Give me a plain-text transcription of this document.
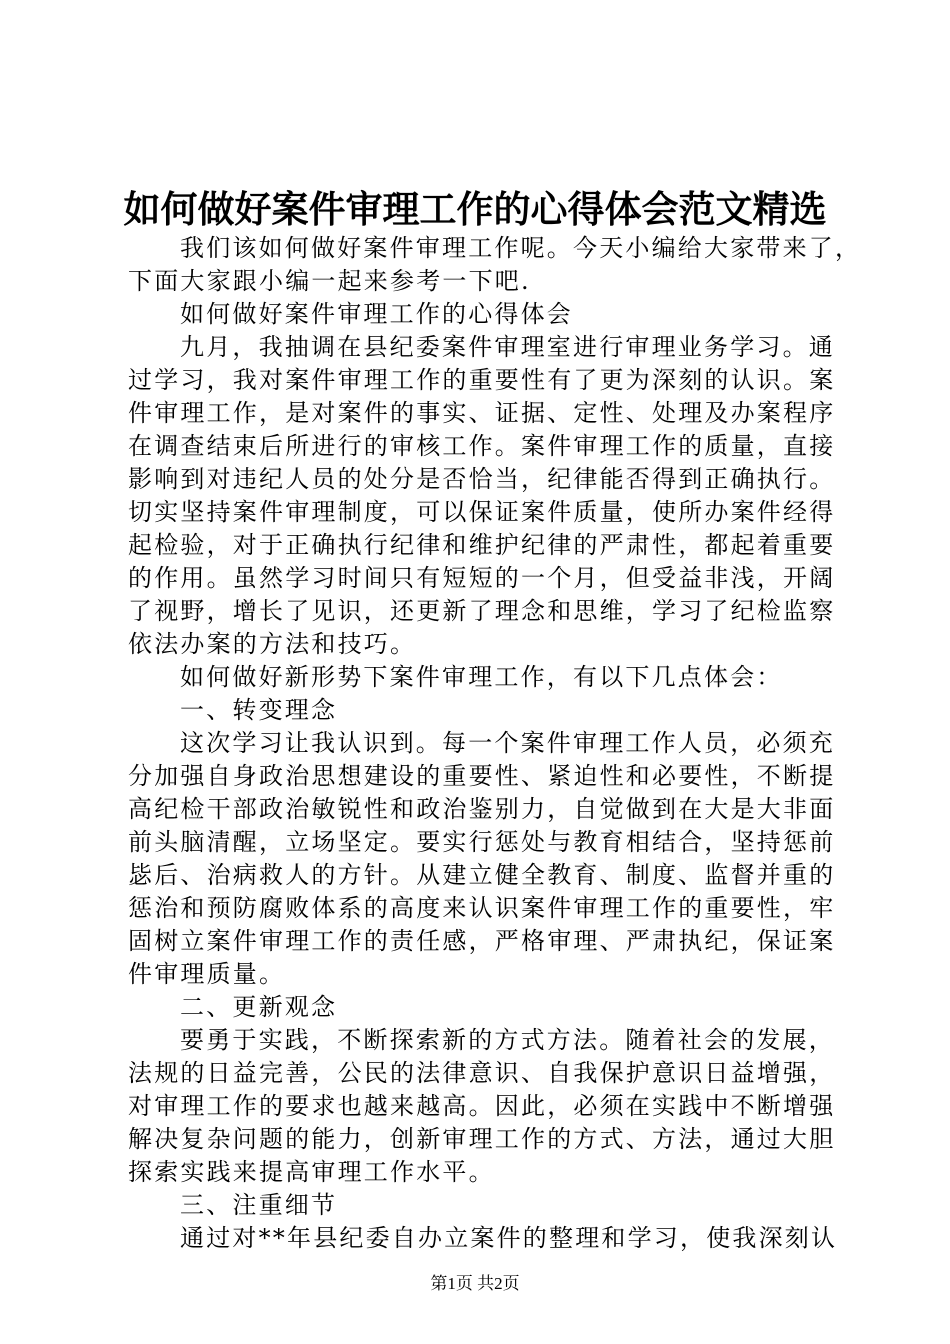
如何做好案件审理工作的心得体会范文精选
我们该如何做好案件审理工作呢。今天小编给大家带来了，
下面大家跟小编一起来参考一下吧.
如何做好案件审理工作的心得体会
九月，我抽调在县纪委案件审理室进行审理业务学习。通
过学习，我对案件审理工作的重要性有了更为深刻的认识。案
件审理工作，是对案件的事实、证据、定性、处理及办案程序
在调查结束后所进行的审核工作。案件审理工作的质量，直接
影响到对违纪人员的处分是否恰当，纪律能否得到正确执行。
切实坚持案件审理制度，可以保证案件质量，使所办案件经得
起检验，对于正确执行纪律和维护纪律的严肃性，都起着重要
的作用。虽然学习时间只有短短的一个月，但受益非浅，开阔
了视野，增长了见识，还更新了理念和思维，学习了纪检监察
依法办案的方法和技巧。
如何做好新形势下案件审理工作，有以下几点体会：
一、转变理念
这次学习让我认识到。每一个案件审理工作人员，必须充
分加强自身政治思想建设的重要性、紧迫性和必要性，不断提
高纪检干部政治敏锐性和政治鉴别力，自觉做到在大是大非面
前头脑清醒，立场坚定。要实行惩处与教育相结合，坚持惩前
毖后、治病救人的方针。从建立健全教育、制度、监督并重的
惩治和预防腐败体系的高度来认识案件审理工作的重要性，牢
固树立案件审理工作的责任感，严格审理、严肃执纪，保证案
件审理质量。
二、更新观念
要勇于实践，不断探索新的方式方法。随着社会的发展，
法规的日益完善，公民的法律意识、自我保护意识日益增强，
对审理工作的要求也越来越高。因此，必须在实践中不断增强
解决复杂问题的能力，创新审理工作的方式、方法，通过大胆
探索实践来提高审理工作水平。
三、注重细节
通过对**年县纪委自办立案件的整理和学习，使我深刻认
第1页 共2页
